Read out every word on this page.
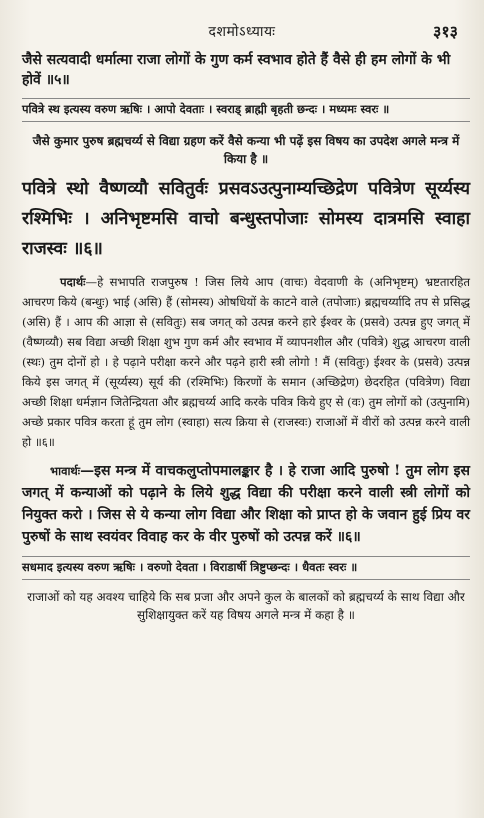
दशमोऽध्यायः	३१३

जैसे सत्यवादी धर्मात्मा राजा लोगों के गुण कर्म स्वभाव होते हैं वैसे ही हम लोगों के भी होवें ॥५॥

पवित्रे स्थ इत्यस्य वरुण ऋषिः । आपो देवताः । स्वराड् ब्राह्मी बृहती छन्दः । मध्यमः स्वरः ॥

जैसे कुमार पुरुष ब्रह्मचर्य्य से विद्या ग्रहण करें वैसे कन्या भी पढ़ें इस विषय का उपदेश अगले मन्त्र में किया है ॥

पवित्रे स्थो वैष्णव्यौ सवितुर्वः प्रसवऽउत्पुनाम्यच्छिद्रेण पवित्रेण सूर्य्यस्य रश्मिभिः । अनिभृष्टमसि वाचो बन्धुस्तपोजाः सोमस्य दात्रमसि स्वाहा राजस्वः ॥६॥

पदार्थः—हे सभापति राजपुरुष ! जिस लिये आप (वाचः) वेदवाणी के (अनिभृष्टम्) भ्रष्टतारहित आचरण किये (बन्धुः) भाई (असि) हैं (सोमस्य) ओषधियों के काटने वाले (तपोजाः) ब्रह्मचर्य्यादि तप से प्रसिद्ध (असि) हैं । आप की आज्ञा से (सवितुः) सब जगत् को उत्पन्न करने हारे ईश्वर के (प्रसवे) उत्पन्न हुए जगत् में (वैष्णव्यौ) सब विद्या अच्छी शिक्षा शुभ गुण कर्म और स्वभाव में व्यापनशील और (पवित्रे) शुद्ध आचरण वाली (स्थः) तुम दोनों हो । हे पढ़ाने परीक्षा करने और पढ़ने हारी स्त्री लोगो ! मैं (सवितुः) ईश्वर के (प्रसवे) उत्पन्न किये इस जगत् में (सूर्य्यस्य) सूर्य की (रश्मिभिः) किरणों के समान (अच्छिद्रेण) छेदरहित (पवित्रेण) विद्या अच्छी शिक्षा धर्मज्ञान जितेन्द्रियता और ब्रह्मचर्य्य आदि करके पवित्र किये हुए से (वः) तुम लोगों को (उत्पुनामि) अच्छे प्रकार पवित्र करता हूं तुम लोग (स्वाहा) सत्य क्रिया से (राजस्वः) राजाओं में वीरों को उत्पन्न करने वाली हो ॥६॥

भावार्थः—इस मन्त्र में वाचकलुप्तोपमालङ्कार है । हे राजा आदि पुरुषो ! तुम लोग इस जगत् में कन्याओं को पढ़ाने के लिये शुद्ध विद्या की परीक्षा करने वाली स्त्री लोगों को नियुक्त करो । जिस से ये कन्या लोग विद्या और शिक्षा को प्राप्त हो के जवान हुई प्रिय वर पुरुषों के साथ स्वयंवर विवाह कर के वीर पुरुषों को उत्पन्न करें ॥६॥

सधमाद इत्यस्य वरुण ऋषिः । वरुणो देवता । विराडार्षी त्रिष्टुप्छन्दः । धैवतः स्वरः ॥

राजाओं को यह अवश्य चाहिये कि सब प्रजा और अपने कुल के बालकों को ब्रह्मचर्य्य के साथ विद्या और सुशिक्षायुक्त करें यह विषय अगले मन्त्र में कहा है ॥
